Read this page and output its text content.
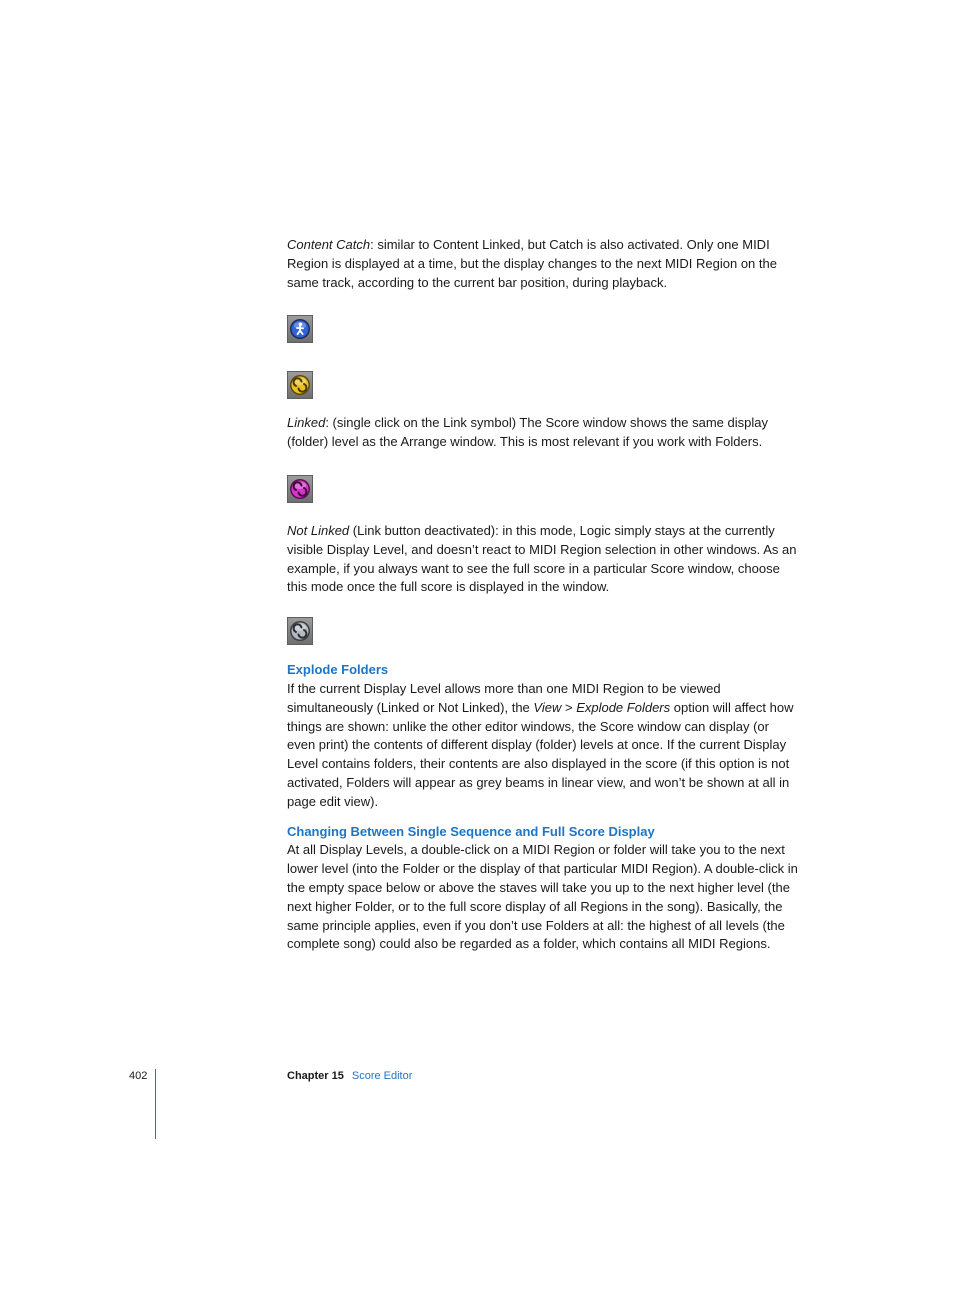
Content Catch: similar to Content Linked, but Catch is also activated. Only one MIDI Region is displayed at a time, but the display changes to the next MIDI Region on the same track, according to the current bar position, during playback.

Linked: (single click on the Link symbol) The Score window shows the same display (folder) level as the Arrange window. This is most relevant if you work with Folders.

Not Linked (Link button deactivated): in this mode, Logic simply stays at the currently visible Display Level, and doesn’t react to MIDI Region selection in other windows. As an example, if you always want to see the full score in a particular Score window, choose this mode once the full score is displayed in the window.

Explode Folders

If the current Display Level allows more than one MIDI Region to be viewed simultaneously (Linked or Not Linked), the View > Explode Folders option will affect how things are shown: unlike the other editor windows, the Score window can display (or even print) the contents of different display (folder) levels at once. If the current Display Level contains folders, their contents are also displayed in the score (if this option is not activated, Folders will appear as grey beams in linear view, and won’t be shown at all in page edit view).

Changing Between Single Sequence and Full Score Display

At all Display Levels, a double-click on a MIDI Region or folder will take you to the next lower level (into the Folder or the display of that particular MIDI Region). A double-click in the empty space below or above the staves will take you up to the next higher level (the next higher Folder, or to the full score display of all Regions in the song). Basically, the same principle applies, even if you don’t use Folders at all: the highest of all levels (the complete song) could also be regarded as a folder, which contains all MIDI Regions.

402	Chapter 15 Score Editor
